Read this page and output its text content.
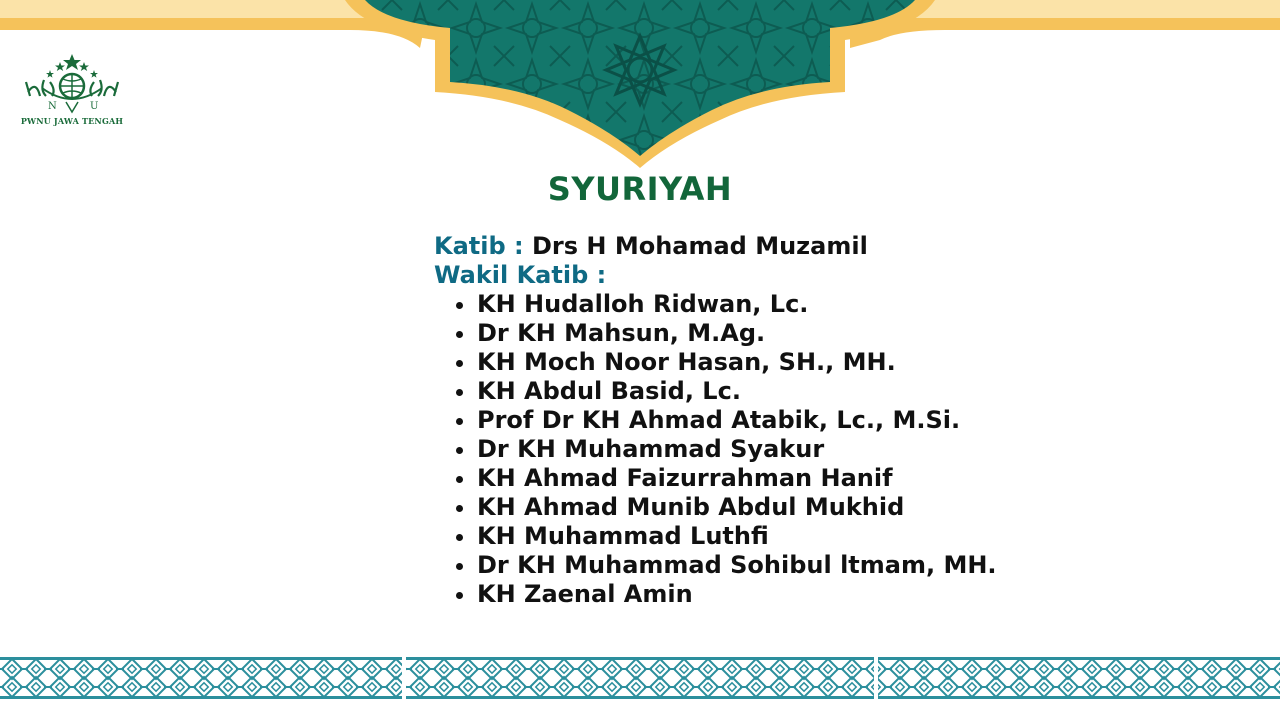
N	U
PWNU JAWA TENGAH
SYURIYAH
Katib : Drs H Mohamad Muzamil
Wakil Katib :
• KH Hudalloh Ridwan, Lc.
• Dr KH Mahsun, M.Ag.
• KH Moch Noor Hasan, SH., MH.
• KH Abdul Basid, Lc.
• Prof Dr KH Ahmad Atabik, Lc., M.Si.
• Dr KH Muhammad Syakur
• KH Ahmad Faizurrahman Hanif
• KH Ahmad Munib Abdul Mukhid
• KH Muhammad Luthfi
• Dr KH Muhammad Sohibul ltmam, MH.
• KH Zaenal Amin
